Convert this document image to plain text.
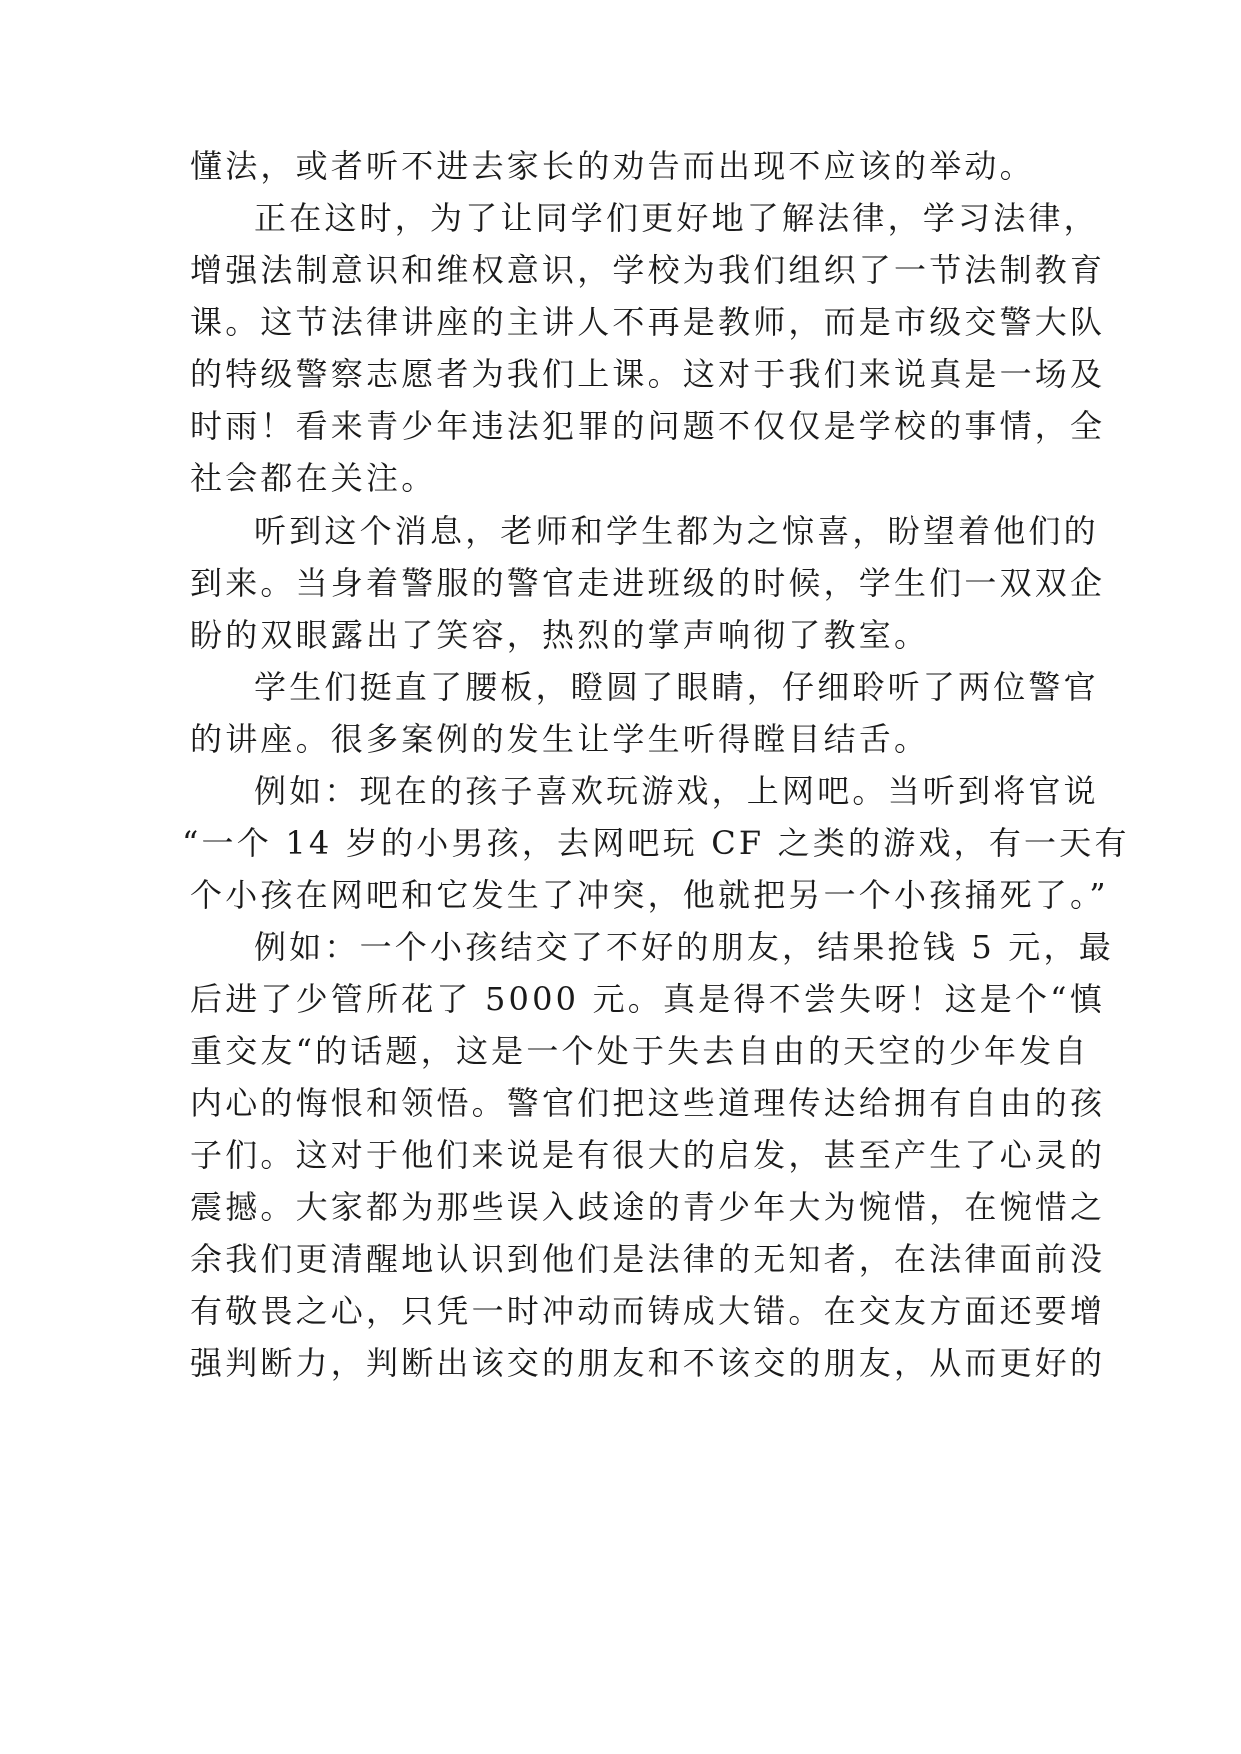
懂法，或者听不进去家长的劝告而出现不应该的举动。
正在这时，为了让同学们更好地了解法律，学习法律，
增强法制意识和维权意识，学校为我们组织了一节法制教育
课。这节法律讲座的主讲人不再是教师，而是市级交警大队
的特级警察志愿者为我们上课。这对于我们来说真是一场及
时雨！看来青少年违法犯罪的问题不仅仅是学校的事情，全
社会都在关注。
听到这个消息，老师和学生都为之惊喜，盼望着他们的
到来。当身着警服的警官走进班级的时候，学生们一双双企
盼的双眼露出了笑容，热烈的掌声响彻了教室。
学生们挺直了腰板，瞪圆了眼睛，仔细聆听了两位警官
的讲座。很多案例的发生让学生听得瞠目结舌。
例如：现在的孩子喜欢玩游戏，上网吧。当听到将官说
“一个 14 岁的小男孩，去网吧玩 CF 之类的游戏，有一天有
个小孩在网吧和它发生了冲突，他就把另一个小孩捅死了。”
例如：一个小孩结交了不好的朋友，结果抢钱 5 元，最
后进了少管所花了 5000 元。真是得不尝失呀！这是个“慎
重交友“的话题，这是一个处于失去自由的天空的少年发自
内心的悔恨和领悟。警官们把这些道理传达给拥有自由的孩
子们。这对于他们来说是有很大的启发，甚至产生了心灵的
震撼。大家都为那些误入歧途的青少年大为惋惜，在惋惜之
余我们更清醒地认识到他们是法律的无知者，在法律面前没
有敬畏之心，只凭一时冲动而铸成大错。在交友方面还要增
强判断力，判断出该交的朋友和不该交的朋友，从而更好的
